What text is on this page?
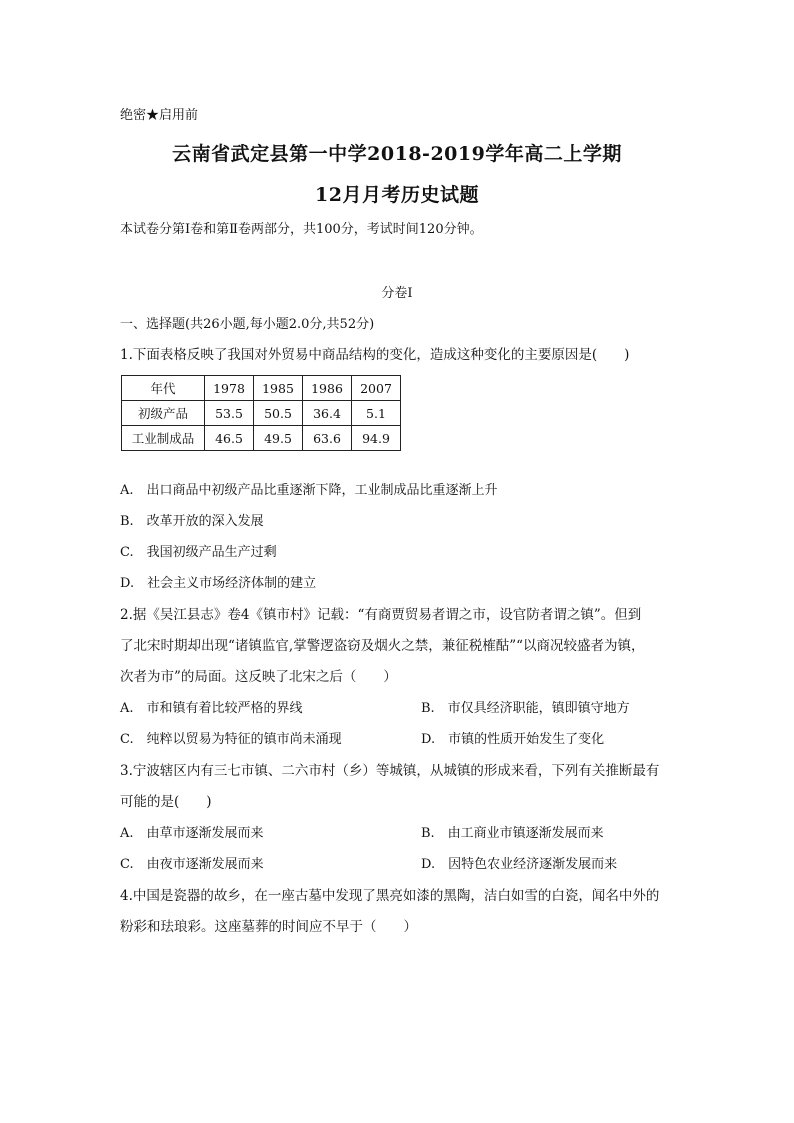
绝密★启用前
云南省武定县第一中学2018-2019学年高二上学期
12月月考历史试题
本试卷分第Ⅰ卷和第Ⅱ卷两部分，共100分，考试时间120分钟。
分卷I
一、选择题(共26小题,每小题2.0分,共52分)
1.下面表格反映了我国对外贸易中商品结构的变化，造成这种变化的主要原因是(　　)
年代	1978	1985	1986	2007
初级产品	53.5	50.5	36.4	5.1
工业制成品	46.5	49.5	63.6	94.9
A.　出口商品中初级产品比重逐渐下降，工业制成品比重逐渐上升
B.　改革开放的深入发展
C.　我国初级产品生产过剩
D.　社会主义市场经济体制的建立
2.据《吴江县志》卷4《镇市村》记载：“有商贾贸易者谓之市，设官防者谓之镇”。但到
了北宋时期却出现“诸镇监官,掌警逻盗窃及烟火之禁，兼征税榷酤”“以商况较盛者为镇，
次者为市”的局面。这反映了北宋之后（　　）
A.　市和镇有着比较严格的界线	B.　市仅具经济职能，镇即镇守地方
C.　纯粹以贸易为特征的镇市尚未涌现	D.　市镇的性质开始发生了变化
3.宁波辖区内有三七市镇、二六市村（乡）等城镇，从城镇的形成来看，下列有关推断最有
可能的是(　　)
A.　由草市逐渐发展而来	B.　由工商业市镇逐渐发展而来
C.　由夜市逐渐发展而来	D.　因特色农业经济逐渐发展而来
4.中国是瓷器的故乡，在一座古墓中发现了黑亮如漆的黑陶，洁白如雪的白瓷，闻名中外的
粉彩和珐琅彩。这座墓葬的时间应不早于（　　）
